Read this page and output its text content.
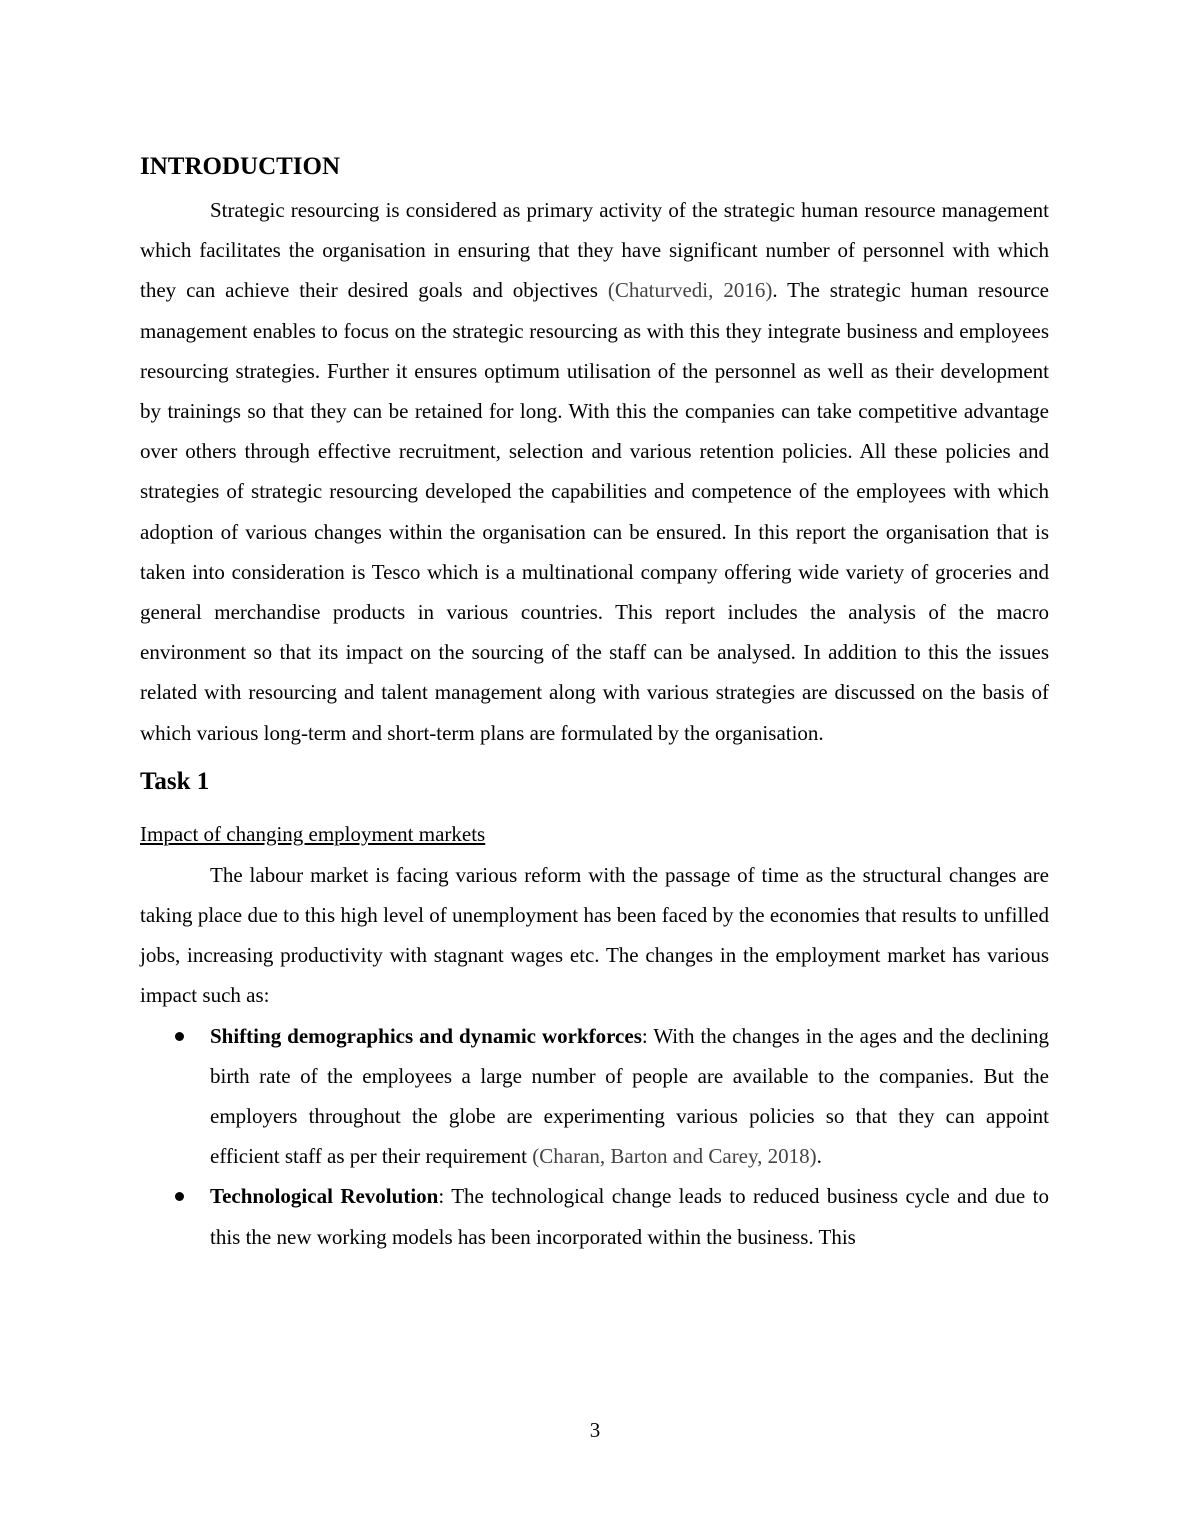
INTRODUCTION

Strategic resourcing is considered as primary activity of the strategic human resource management which facilitates the organisation in ensuring that they have significant number of personnel with which they can achieve their desired goals and objectives (Chaturvedi, 2016). The strategic human resource management enables to focus on the strategic resourcing as with this they integrate business and employees resourcing strategies. Further it ensures optimum utilisation of the personnel as well as their development by trainings so that they can be retained for long. With this the companies can take competitive advantage over others through effective recruitment, selection and various retention policies. All these policies and strategies of strategic resourcing developed the capabilities and competence of the employees with which adoption of various changes within the organisation can be ensured. In this report the organisation that is taken into consideration is Tesco which is a multinational company offering wide variety of groceries and general merchandise products in various countries. This report includes the analysis of the macro environment so that its impact on the sourcing of the staff can be analysed. In addition to this the issues related with resourcing and talent management along with various strategies are discussed on the basis of which various long-term and short-term plans are formulated by the organisation.

Task 1
Impact of changing employment markets

The labour market is facing various reform with the passage of time as the structural changes are taking place due to this high level of unemployment has been faced by the economies that results to unfilled jobs, increasing productivity with stagnant wages etc. The changes in the employment market has various impact such as:

Shifting demographics and dynamic workforces: With the changes in the ages and the declining birth rate of the employees a large number of people are available to the companies. But the employers throughout the globe are experimenting various policies so that they can appoint efficient staff as per their requirement (Charan, Barton and Carey, 2018).
Technological Revolution: The technological change leads to reduced business cycle and due to this the new working models has been incorporated within the business. This
3
